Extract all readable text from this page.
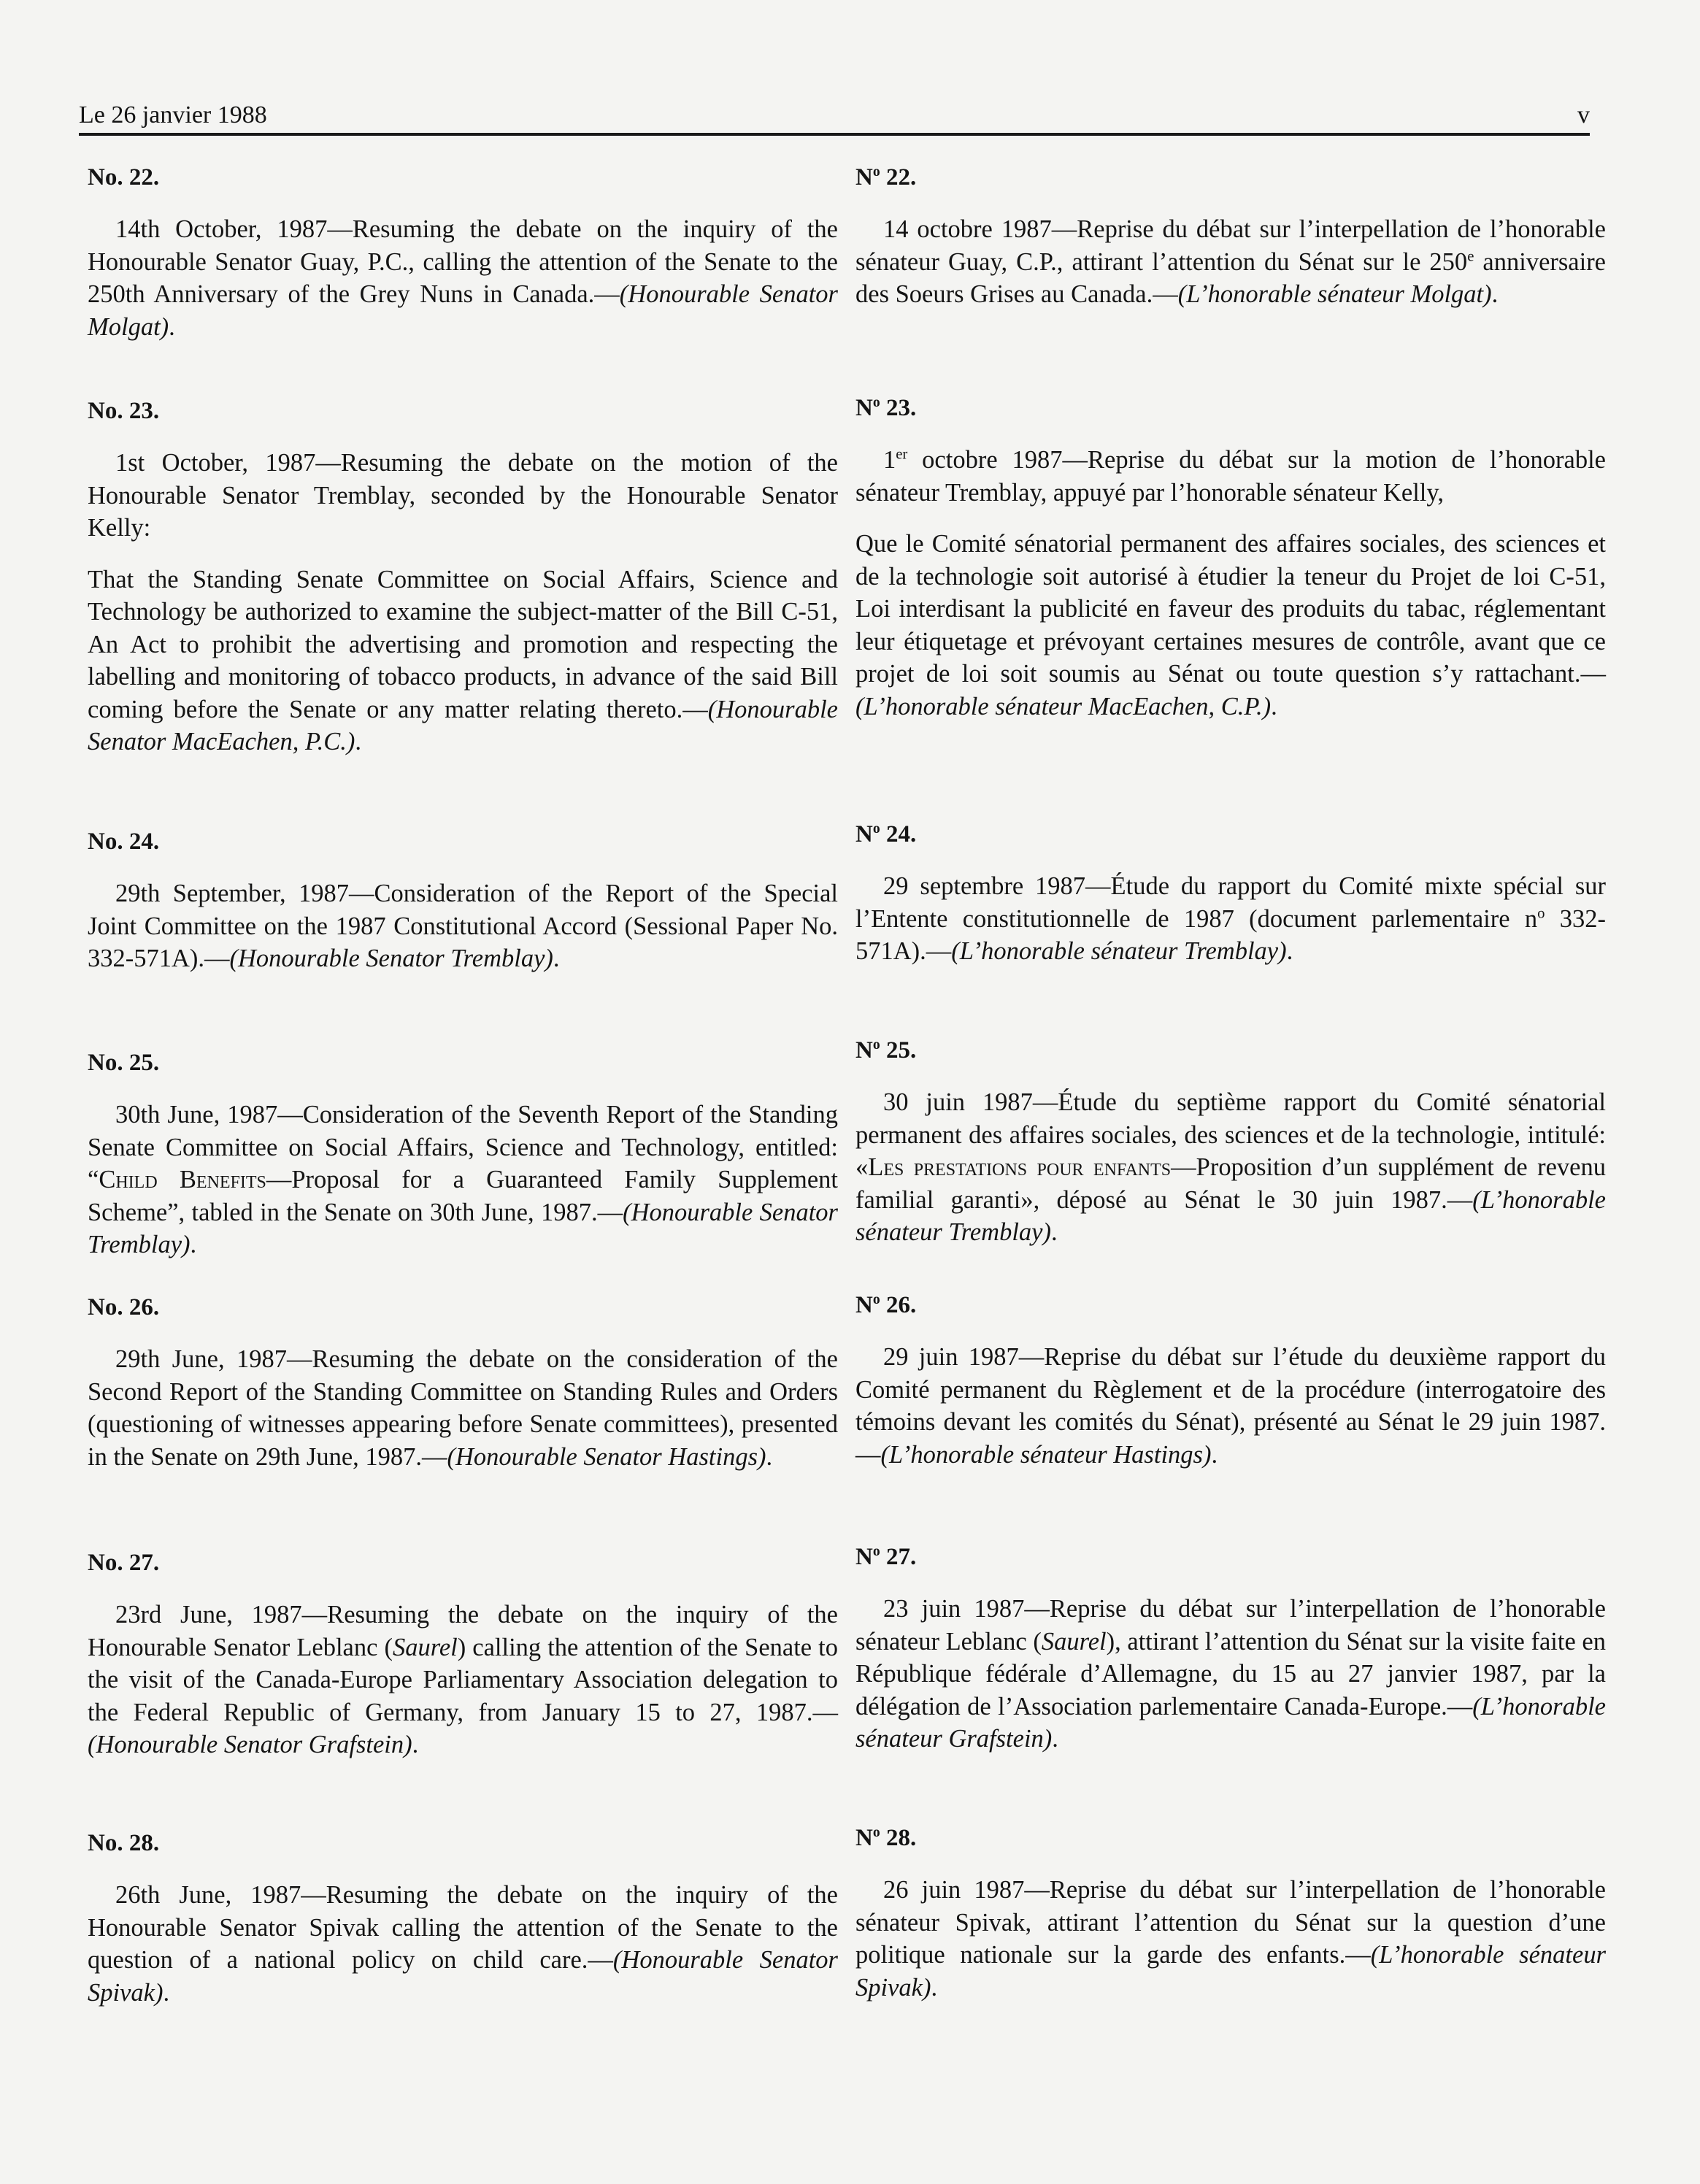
Le 26 janvier 1988	v

No. 22.

14th October, 1987—Resuming the debate on the inquiry of the Honourable Senator Guay, P.C., calling the attention of the Senate to the 250th Anniversary of the Grey Nuns in Canada.—(Honourable Senator Molgat).

No. 23.

1st October, 1987—Resuming the debate on the motion of the Honourable Senator Tremblay, seconded by the Honourable Senator Kelly:

That the Standing Senate Committee on Social Affairs, Science and Technology be authorized to examine the subject-matter of the Bill C-51, An Act to prohibit the advertising and promotion and respecting the labelling and monitoring of tobacco products, in advance of the said Bill coming before the Senate or any matter relating thereto.—(Honourable Senator MacEachen, P.C.).

No. 24.

29th September, 1987—Consideration of the Report of the Special Joint Committee on the 1987 Constitutional Accord (Sessional Paper No. 332-571A).—(Honourable Senator Tremblay).

No. 25.

30th June, 1987—Consideration of the Seventh Report of the Standing Senate Committee on Social Affairs, Science and Technology, entitled: “Child Benefits—Proposal for a Guaranteed Family Supplement Scheme”, tabled in the Senate on 30th June, 1987.—(Honourable Senator Tremblay).

No. 26.

29th June, 1987—Resuming the debate on the consideration of the Second Report of the Standing Committee on Standing Rules and Orders (questioning of witnesses appearing before Senate committees), presented in the Senate on 29th June, 1987.—(Honourable Senator Hastings).

No. 27.

23rd June, 1987—Resuming the debate on the inquiry of the Honourable Senator Leblanc (Saurel) calling the attention of the Senate to the visit of the Canada-Europe Parliamentary Association delegation to the Federal Republic of Germany, from January 15 to 27, 1987.—(Honourable Senator Grafstein).

No. 28.

26th June, 1987—Resuming the debate on the inquiry of the Honourable Senator Spivak calling the attention of the Senate to the question of a national policy on child care.—(Honourable Senator Spivak).

$N^o$ 22.

14 octobre 1987—Reprise du débat sur l’interpellation de l’honorable sénateur Guay, C.P., attirant l’attention du Sénat sur le 250e anniversaire des Soeurs Grises au Canada.—(L’honorable sénateur Molgat).

$N^o$ 23.

1er octobre 1987—Reprise du débat sur la motion de l’honorable sénateur Tremblay, appuyé par l’honorable sénateur Kelly,

Que le Comité sénatorial permanent des affaires sociales, des sciences et de la technologie soit autorisé à étudier la teneur du Projet de loi C-51, Loi interdisant la publicité en faveur des produits du tabac, réglementant leur étiquetage et prévoyant certaines mesures de contrôle, avant que ce projet de loi soit soumis au Sénat ou toute question s’y rattachant.—(L’honorable sénateur MacEachen, C.P.).

$N^o$ 24.

29 septembre 1987—Étude du rapport du Comité mixte spécial sur l’Entente constitutionnelle de 1987 (document parlementaire $n^o$ 332-571A).—(L’honorable sénateur Tremblay).

$N^o$ 25.

30 juin 1987—Étude du septième rapport du Comité sénatorial permanent des affaires sociales, des sciences et de la technologie, intitulé: «Les prestations pour enfants—Proposition d’un supplément de revenu familial garanti», déposé au Sénat le 30 juin 1987.—(L’honorable sénateur Tremblay).

$N^o$ 26.

29 juin 1987—Reprise du débat sur l’étude du deuxième rapport du Comité permanent du Règlement et de la procédure (interrogatoire des témoins devant les comités du Sénat), présenté au Sénat le 29 juin 1987.—(L’honorable sénateur Hastings).

$N^o$ 27.

23 juin 1987—Reprise du débat sur l’interpellation de l’honorable sénateur Leblanc (Saurel), attirant l’attention du Sénat sur la visite faite en République fédérale d’Allemagne, du 15 au 27 janvier 1987, par la délégation de l’Association parlementaire Canada-Europe.—(L’honorable sénateur Grafstein).

$N^o$ 28.

26 juin 1987—Reprise du débat sur l’interpellation de l’honorable sénateur Spivak, attirant l’attention du Sénat sur la question d’une politique nationale sur la garde des enfants.—(L’honorable sénateur Spivak).
